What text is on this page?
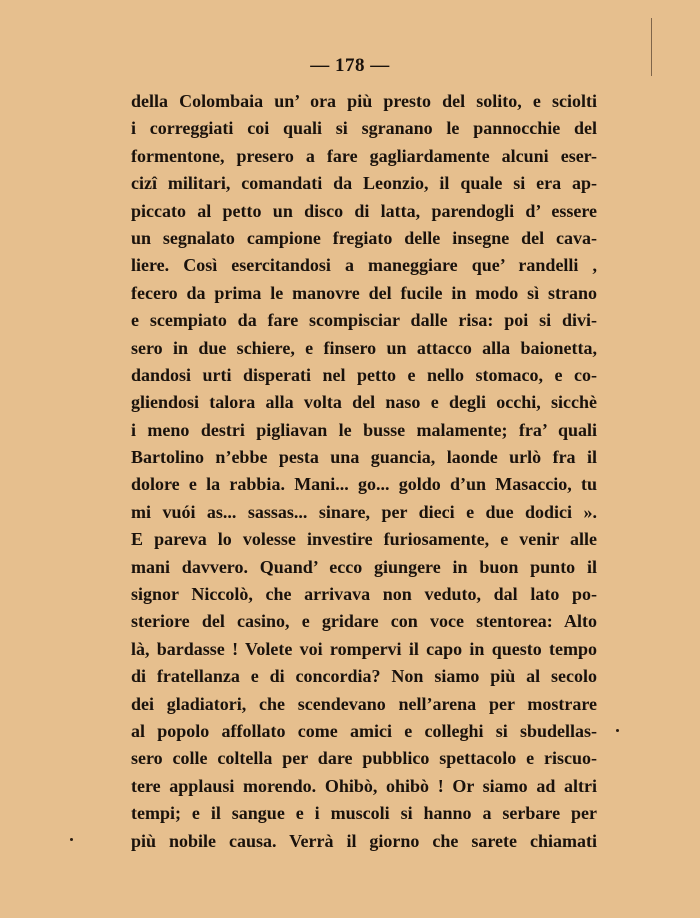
— 178 —
della Colombaia un’ ora più presto del solito, e sciolti
i correggiati coi quali si sgranano le pannocchie del
formentone, presero a fare gagliardamente alcuni eser-
cizî militari, comandati da Leonzio, il quale si era ap-
piccato al petto un disco di latta, parendogli d’ essere
un segnalato campione fregiato delle insegne del cava-
liere. Così esercitandosi a maneggiare que’ randelli ,
fecero da prima le manovre del fucile in modo sì strano
e scempiato da fare scompisciar dalle risa: poi si divi-
sero in due schiere, e finsero un attacco alla baionetta,
dandosi urti disperati nel petto e nello stomaco, e co-
gliendosi talora alla volta del naso e degli occhi, sicchè
i meno destri pigliavan le busse malamente; fra’ quali
Bartolino n’ebbe pesta una guancia, laonde urlò fra il
dolore e la rabbia. Mani... go... goldo d’un Masaccio, tu
mi vuói as... sassas... sinare, per dieci e due dodici ».
E pareva lo volesse investire furiosamente, e venir alle
mani davvero. Quand’ ecco giungere in buon punto il
signor Niccolò, che arrivava non veduto, dal lato po-
steriore del casino, e gridare con voce stentorea: Alto
là, bardasse ! Volete voi rompervi il capo in questo tempo
di fratellanza e di concordia? Non siamo più al secolo
dei gladiatori, che scendevano nell’arena per mostrare
al popolo affollato come amici e colleghi si sbudellas-
sero colle coltella per dare pubblico spettacolo e riscuo-
tere applausi morendo. Ohibò, ohibò ! Or siamo ad altri
tempi; e il sangue e i muscoli si hanno a serbare per
più nobile causa. Verrà il giorno che sarete chiamati
